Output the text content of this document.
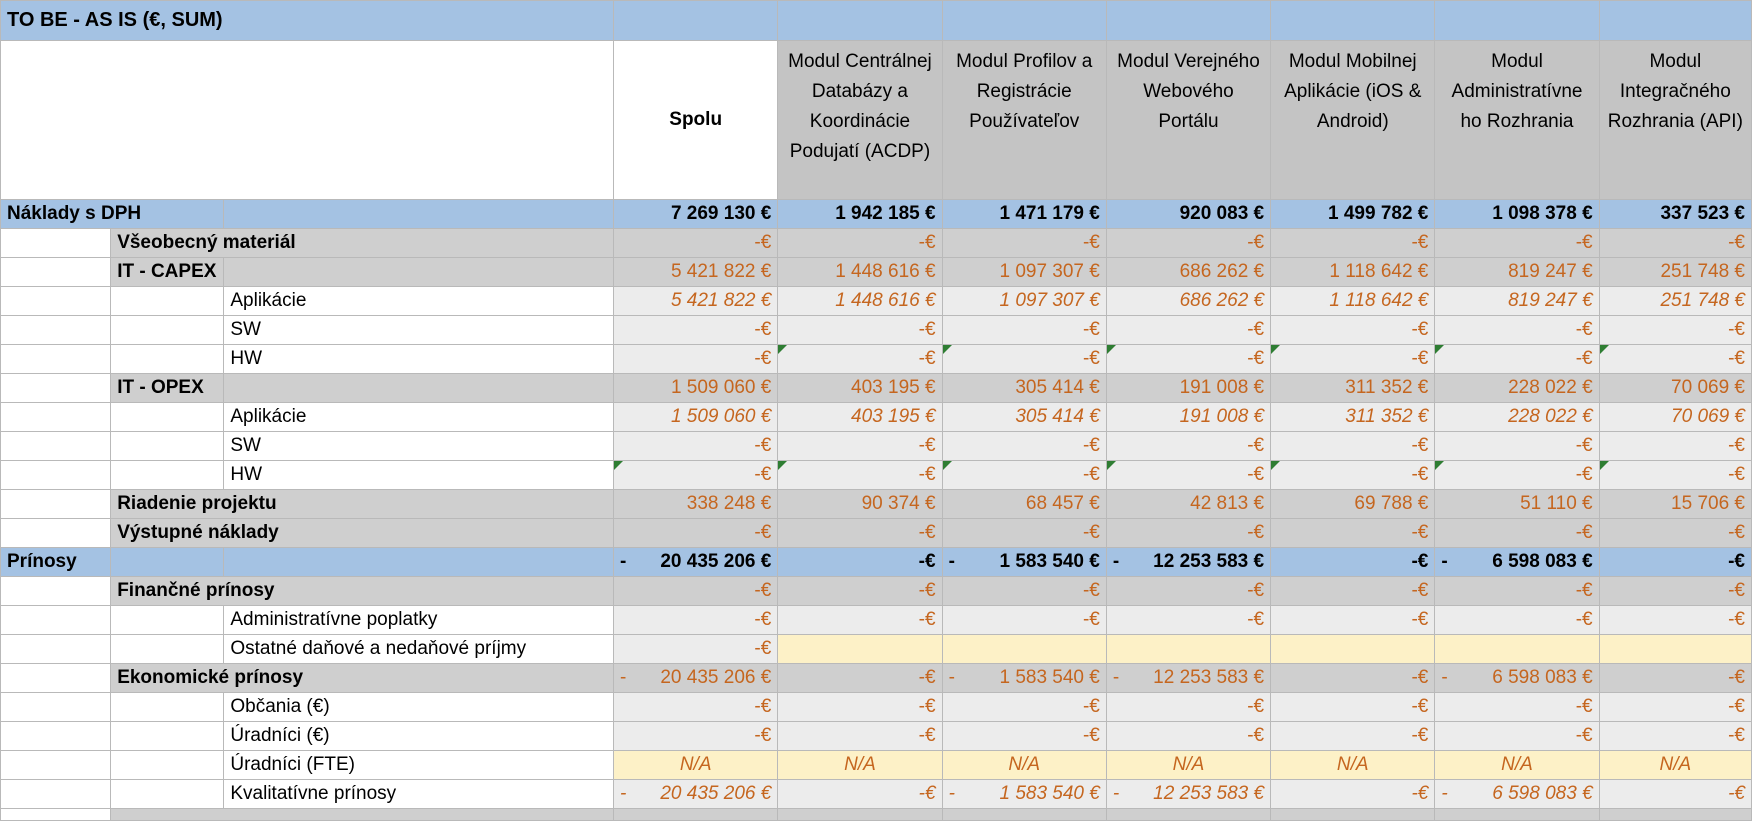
TO BE - AS IS (€, SUM)									
			Spolu	Modul Centrálnej Databázy a Koordinácie Podujatí (ACDP)	Modul Profilov a Registrácie Používateľov	Modul Verejného Webového Portálu	Modul Mobilnej Aplikácie (iOS & Android)	Modul Administratívne ho Rozhrania	Modul Integračného Rozhrania (API)
Náklady s DPH			7 269 130 €	1 942 185 €	1 471 179 €	920 083 €	1 499 782 €	1 098 378 €	337 523 €
	Všeobecný materiál		-€	-€	-€	-€	-€	-€	-€
	IT - CAPEX		5 421 822 €	1 448 616 €	1 097 307 €	686 262 €	1 118 642 €	819 247 €	251 748 €
		Aplikácie	5 421 822 €	1 448 616 €	1 097 307 €	686 262 €	1 118 642 €	819 247 €	251 748 €
		SW	-€	-€	-€	-€	-€	-€	-€
		HW	-€	-€	-€	-€	-€	-€	-€
	IT - OPEX		1 509 060 €	403 195 €	305 414 €	191 008 €	311 352 €	228 022 €	70 069 €
		Aplikácie	1 509 060 €	403 195 €	305 414 €	191 008 €	311 352 €	228 022 €	70 069 €
		SW	-€	-€	-€	-€	-€	-€	-€
		HW	-€	-€	-€	-€	-€	-€	-€
	Riadenie projektu		338 248 €	90 374 €	68 457 €	42 813 €	69 788 €	51 110 €	15 706 €
	Výstupné náklady		-€	-€	-€	-€	-€	-€	-€
Prínosy			- 20 435 206 €	-€	- 1 583 540 €	- 12 253 583 €	-€	- 6 598 083 €	-€
	Finančné prínosy		-€	-€	-€	-€	-€	-€	-€
		Administratívne poplatky	-€	-€	-€	-€	-€	-€	-€
		Ostatné daňové a nedaňové príjmy	-€						
	Ekonomické prínosy		- 20 435 206 €	-€	- 1 583 540 €	- 12 253 583 €	-€	- 6 598 083 €	-€
		Občania (€)	-€	-€	-€	-€	-€	-€	-€
		Úradníci (€)	-€	-€	-€	-€	-€	-€	-€
		Úradníci (FTE)	N/A	N/A	N/A	N/A	N/A	N/A	N/A
		Kvalitatívne prínosy	- 20 435 206 €	-€	- 1 583 540 €	- 12 253 583 €	-€	- 6 598 083 €	-€
